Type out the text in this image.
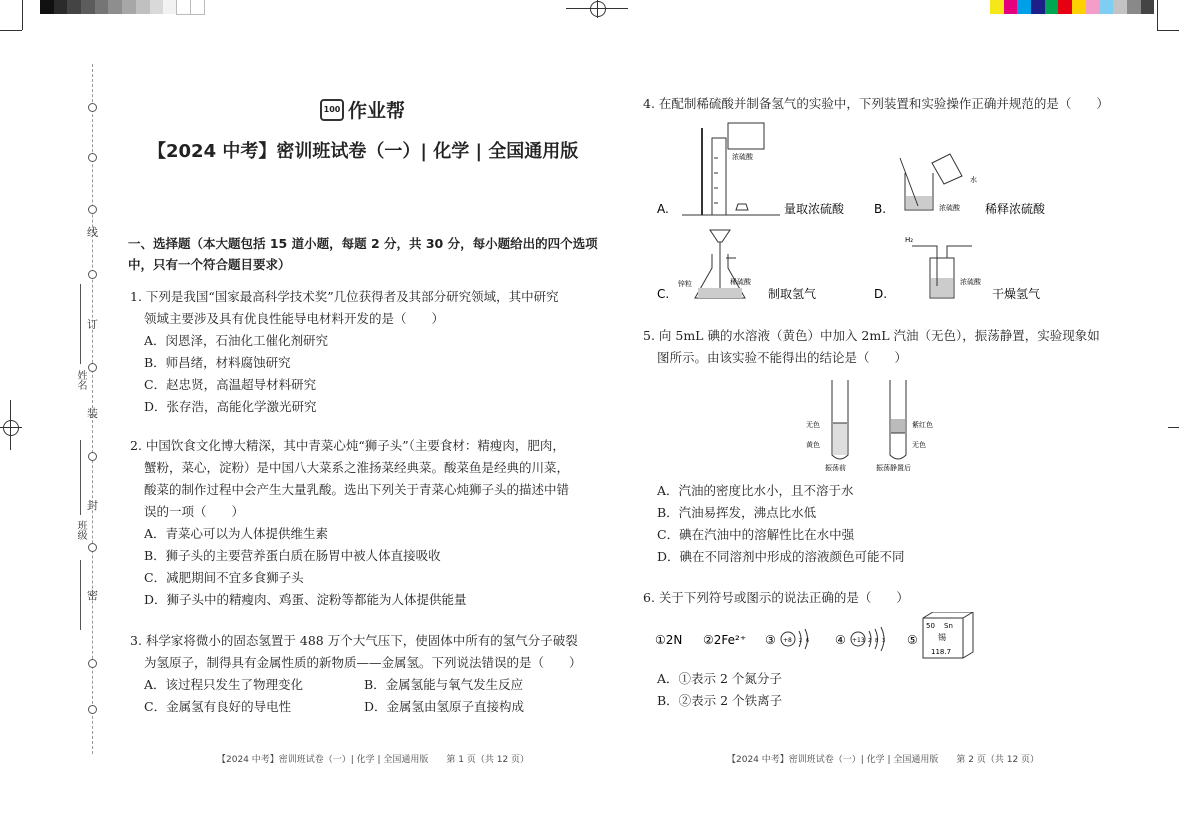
线
订
装
封
密
姓名
班级
100 作业帮
【2024 中考】密训班试卷（一）| 化学 | 全国通用版
一、选择题（本大题包括 15 道小题，每题 2 分，共 30 分，每小题给出的四个选项中，只有一个符合题目要求）
1. 下列是我国“国家最高科学技术奖”几位获得者及其部分研究领域，其中研究
领域主要涉及具有优良性能导电材料开发的是（　　）
A．闵恩泽，石油化工催化剂研究
B．师昌绪，材料腐蚀研究
C．赵忠贤，高温超导材料研究
D．张存浩，高能化学激光研究
2. 中国饮食文化博大精深，其中青菜心炖“狮子头”（主要食材：精瘦肉，肥肉，
蟹粉，菜心，淀粉）是中国八大菜系之淮扬菜经典菜。酸菜鱼是经典的川菜，
酸菜的制作过程中会产生大量乳酸。选出下列关于青菜心炖狮子头的描述中错
误的一项（　　）
A．青菜心可以为人体提供维生素
B．狮子头的主要营养蛋白质在肠胃中被人体直接吸收
C．减肥期间不宜多食狮子头
D．狮子头中的精瘦肉、鸡蛋、淀粉等都能为人体提供能量
3. 科学家将微小的固态氢置于 488 万个大气压下，使固体中所有的氢气分子破裂
为氢原子，制得具有金属性质的新物质——金属氢。下列说法错误的是（　　）
A．该过程只发生了物理变化	B．金属氢能与氧气发生反应
C．金属氢有良好的导电性	D．金属氢由氢原子直接构成
【2024 中考】密训班试卷（一）| 化学 | 全国通用版　　第 1 页（共 12 页）
4. 在配制稀硫酸并制备氢气的实验中，下列装置和实验操作正确并规范的是（　　）
浓硫酸
A.	量取浓硫酸
水
浓硫酸
B.	稀释浓硫酸
锌粒	稀硫酸
C.	制取氢气
H₂
浓硫酸
D.	干燥氢气
5. 向 5mL 碘的水溶液（黄色）中加入 2mL 汽油（无色），振荡静置，实验现象如
图所示。由该实验不能得出的结论是（　　）
无色
黄色
振荡前
紫红色
无色
振荡静置后
A．汽油的密度比水小，且不溶于水
B．汽油易挥发，沸点比水低
C．碘在汽油中的溶解性比在水中强
D．碘在不同溶剂中形成的溶液颜色可能不同
6. 关于下列符号或图示的说法正确的是（　　）
①2N ②2Fe²⁺ ③ +8 2 6 ④ +13 2 8 3 ⑤
50 Sn
锡
118.7
A．①表示 2 个氮分子
B．②表示 2 个铁离子
【2024 中考】密训班试卷（一）| 化学 | 全国通用版　　第 2 页（共 12 页）
